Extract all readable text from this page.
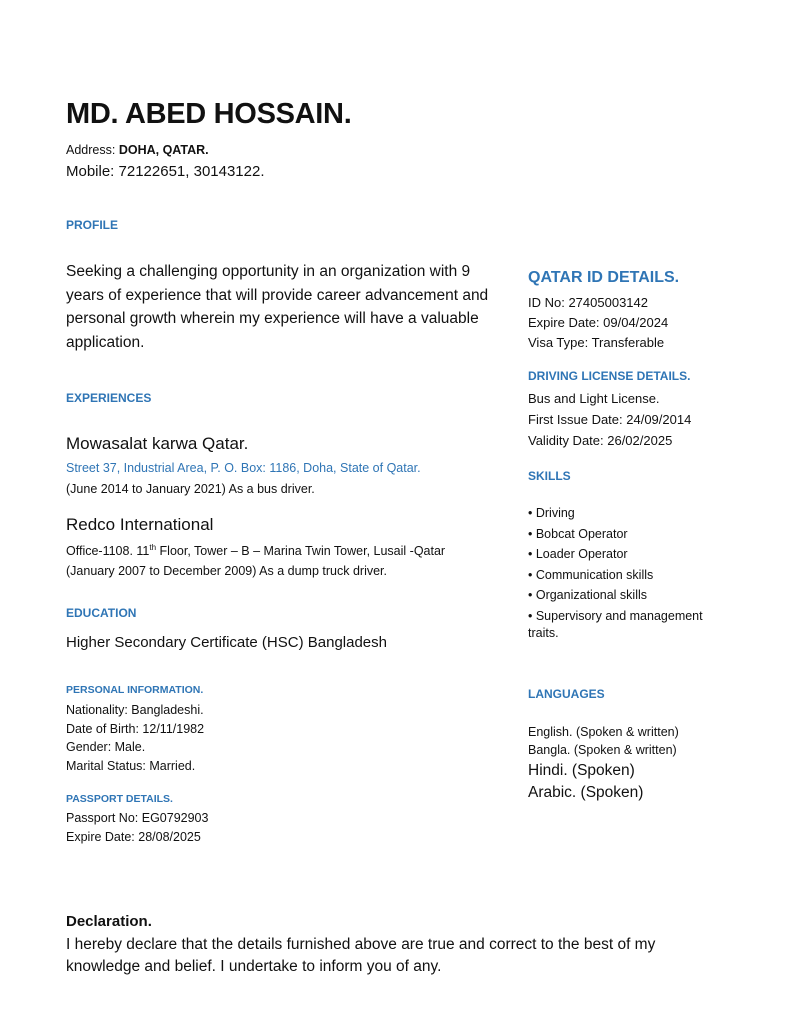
MD. ABED HOSSAIN.
Address: DOHA, QATAR.
Mobile: 72122651, 30143122.
PROFILE
Seeking a challenging opportunity in an organization with 9 years of experience that will provide career advancement and personal growth wherein my experience will have a valuable application.
EXPERIENCES
Mowasalat karwa Qatar.
Street 37, Industrial Area, P. O. Box: 1186, Doha, State of Qatar.
(June 2014 to January 2021) As a bus driver.
Redco International
Office-1108. 11th Floor, Tower – B – Marina Twin Tower, Lusail -Qatar
(January 2007 to December 2009) As a dump truck driver.
EDUCATION
Higher Secondary Certificate (HSC) Bangladesh
PERSONAL INFORMATION.
Nationality: Bangladeshi.
Date of Birth: 12/11/1982
Gender: Male.
Marital Status: Married.
PASSPORT DETAILS.
Passport No: EG0792903
Expire Date: 28/08/2025
QATAR ID DETAILS.
ID No: 27405003142
Expire Date: 09/04/2024
Visa Type: Transferable
DRIVING LICENSE DETAILS.
Bus and Light License.
First Issue Date: 24/09/2014
Validity Date: 26/02/2025
SKILLS
• Driving
• Bobcat Operator
• Loader Operator
• Communication skills
• Organizational skills
• Supervisory and management
traits.
LANGUAGES
English. (Spoken & written)
Bangla. (Spoken & written)
Hindi. (Spoken)
Arabic. (Spoken)
Declaration.
I hereby declare that the details furnished above are true and correct to the best of my knowledge and belief. I undertake to inform you of any.
